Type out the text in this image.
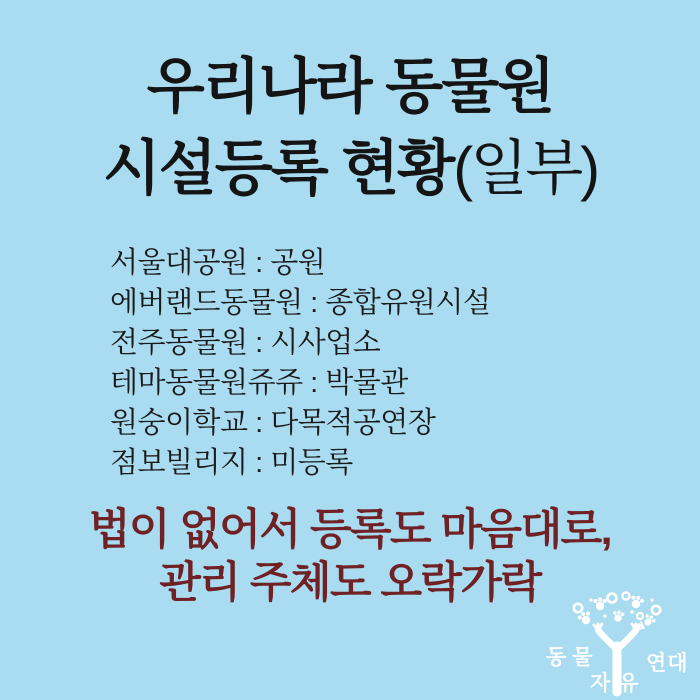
우리나라 동물원
시설등록 현황(일부)
서울대공원 : 공원
에버랜드동물원 : 종합유원시설
전주동물원 : 시사업소
테마동물원쥬쥬 : 박물관
원숭이학교 : 다목적공연장
점보빌리지 : 미등록
법이 없어서 등록도 마음대로,
관리 주체도 오락가락
동물 연대
자유
